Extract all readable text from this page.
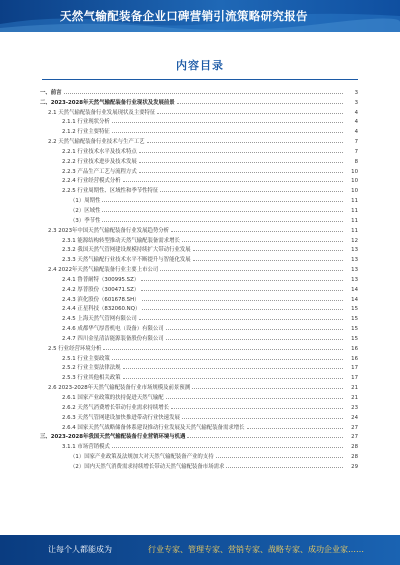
天然气输配装备企业口碑营销引流策略研究报告
内容目录
一、前言	3
二、2023-2028年天然气输配装备行业现状及发展前景	3
2.1 天然气输配装备行业发展现状及主要特征	4
2.1.1 行业现状分析	4
2.1.2 行业主要特征	4
2.2 天然气输配装备行业技术与生产工艺	7
2.2.1 行业技术水平及技术特点	7
2.2.2 行业技术进步及技术发展	8
2.2.3 产品生产工艺与流程方式	10
2.2.4 行业经营模式分析	10
2.2.5 行业周期性、区域性和季节性特征	10
（1）周期性	11
（2）区域性	11
（3）季节性	11
2.3 2023年中国天然气输配装备行业发展趋势分析	11
2.3.1 能源结构转型推动天然气输配装备需求增长	12
2.3.2 我国天然气管网建设规模持续扩大带动行业发展	13
2.3.3 天然气输配行业技术水平不断提升与智能化发展	13
2.4 2022年天然气输配装备行业主要上市公司	13
2.4.1 鲁普耐特（300995.SZ）	13
2.4.2 厚普股份（300471.SZ）	14
2.4.3 滨化股份（601678.SH）	14
2.4.4 正星科技（832060.NQ）	15
2.4.5 上海天然气管网有限公司	15
2.4.6 成都华气厚普机电（设备）有限公司	15
2.4.7 四川金星清洁能源装备股份有限公司	15
2.5 行业经营环境分析	16
2.5.1 行业主要政策	16
2.5.2 行业主要法律法规	17
2.5.3 行业其他相关政策	17
2.6 2023-2028年天然气输配装备行业市场规模及前景预测	21
2.6.1 国家产业政策的扶持促进天然气输配	21
2.6.2 天然气消费增长带动行业需求持续增长	23
2.6.3 天然气管网建设加快推进带动行业快速发展	24
2.6.4 国家天然气战略储备体系建设推动行业发展及天然气输配装备需求增长	27
三、2023-2028年我国天然气输配装备行业营销环境与机遇	27
3.1.1 市场营销模式	28
（1）国家产业政策及法规加大对天然气输配装备产业的支持	28
（2）国内天然气消费需求持续增长带动天然气输配装备市场需求	29
让每个人都能成为	行业专家、管理专家、营销专家、战略专家、成功企业家……
